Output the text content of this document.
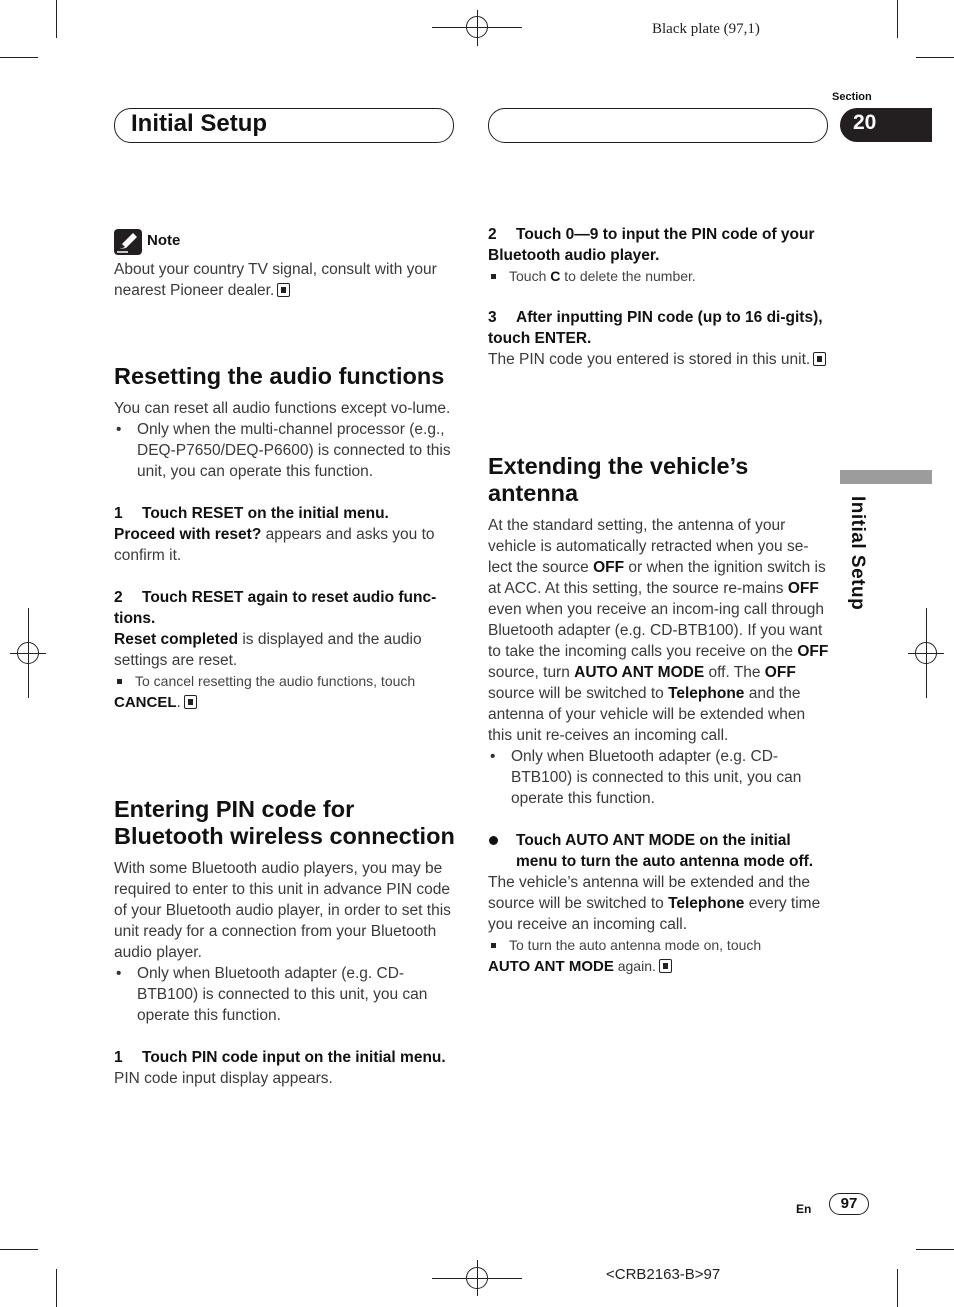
Black plate (97,1)
<CRB2163-B>97
Initial Setup
Section
20
Initial Setup
Note

About your country TV signal, consult with your nearest Pioneer dealer.

Resetting the audio functions

You can reset all audio functions except vo-lume.

• Only when the multi-channel processor (e.g., DEQ-P7650/DEQ-P6600) is connected to this unit, you can operate this function.

1 Touch RESET on the initial menu.

Proceed with reset? appears and asks you to confirm it.

2 Touch RESET again to reset audio func-tions.

Reset completed is displayed and the audio settings are reset.

To cancel resetting the audio functions, touch

CANCEL.

Entering PIN code for

Bluetooth wireless connection

With some Bluetooth audio players, you may be required to enter to this unit in advance PIN code of your Bluetooth audio player, in order to set this unit ready for a connection from your Bluetooth audio player.

• Only when Bluetooth adapter (e.g. CD-BTB100) is connected to this unit, you can operate this function.

1 Touch PIN code input on the initial menu.

PIN code input display appears.

2 Touch 0—9 to input the PIN code of your Bluetooth audio player.

Touch C to delete the number.

3 After inputting PIN code (up to 16 di-gits), touch ENTER.

The PIN code you entered is stored in this unit.

Extending the vehicle’s

antenna

At the standard setting, the antenna of your vehicle is automatically retracted when you se-lect the source OFF or when the ignition switch is at ACC. At this setting, the source re-mains OFF even when you receive an incom-ing call through Bluetooth adapter (e.g. CD-BTB100). If you want to take the incoming calls you receive on the OFF source, turn AUTO ANT MODE off. The OFF source will be switched to Telephone and the antenna of your vehicle will be extended when this unit re-ceives an incoming call.

• Only when Bluetooth adapter (e.g. CD-BTB100) is connected to this unit, you can operate this function.

Touch AUTO ANT MODE on the initial menu to turn the auto antenna mode off.

The vehicle’s antenna will be extended and the source will be switched to Telephone every time you receive an incoming call.

To turn the auto antenna mode on, touch

AUTO ANT MODE again.

En	97
